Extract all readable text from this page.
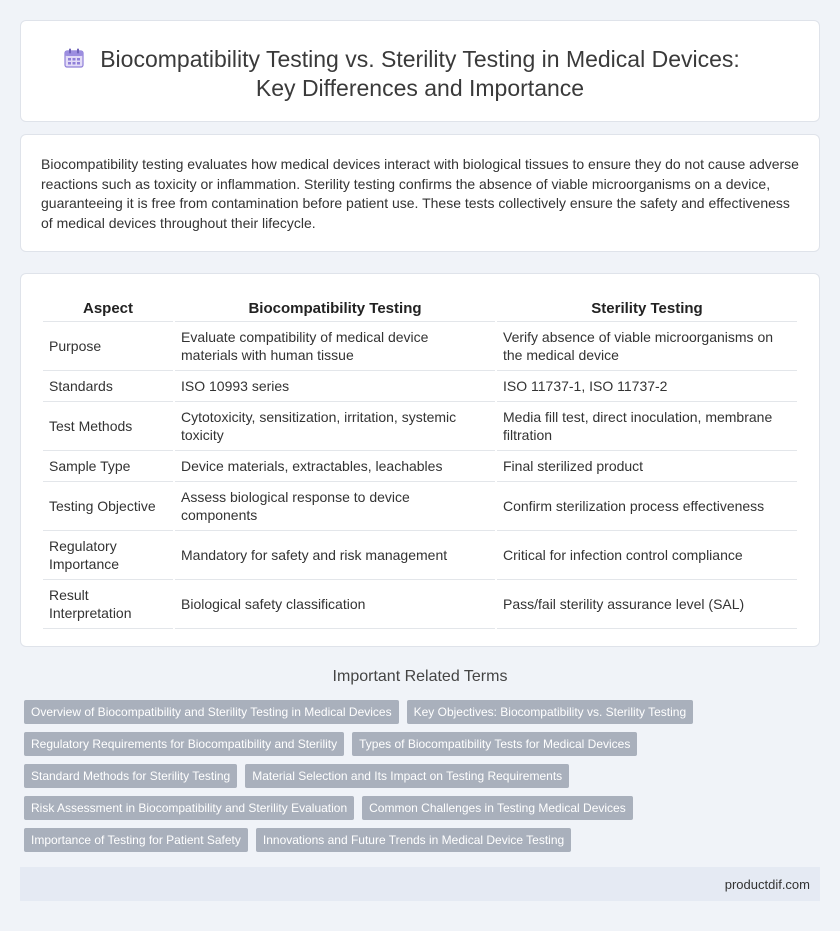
Biocompatibility Testing vs. Sterility Testing in Medical Devices:
Key Differences and Importance

Biocompatibility testing evaluates how medical devices interact with biological tissues to ensure they do not cause adverse reactions such as toxicity or inflammation. Sterility testing confirms the absence of viable microorganisms on a device, guaranteeing it is free from contamination before patient use. These tests collectively ensure the safety and effectiveness of medical devices throughout their lifecycle.

Aspect	Biocompatibility Testing	Sterility Testing
Purpose	Evaluate compatibility of medical device materials with human tissue	Verify absence of viable microorganisms on the medical device
Standards	ISO 10993 series	ISO 11737-1, ISO 11737-2
Test Methods	Cytotoxicity, sensitization, irritation, systemic toxicity	Media fill test, direct inoculation, membrane filtration
Sample Type	Device materials, extractables, leachables	Final sterilized product
Testing Objective	Assess biological response to device components	Confirm sterilization process effectiveness
Regulatory Importance	Mandatory for safety and risk management	Critical for infection control compliance
Result Interpretation	Biological safety classification	Pass/fail sterility assurance level (SAL)
Important Related Terms
Overview of Biocompatibility and Sterility Testing in Medical Devices	Key Objectives: Biocompatibility vs. Sterility Testing
Regulatory Requirements for Biocompatibility and Sterility	Types of Biocompatibility Tests for Medical Devices
Standard Methods for Sterility Testing	Material Selection and Its Impact on Testing Requirements
Risk Assessment in Biocompatibility and Sterility Evaluation	Common Challenges in Testing Medical Devices
Importance of Testing for Patient Safety	Innovations and Future Trends in Medical Device Testing
productdif.com
